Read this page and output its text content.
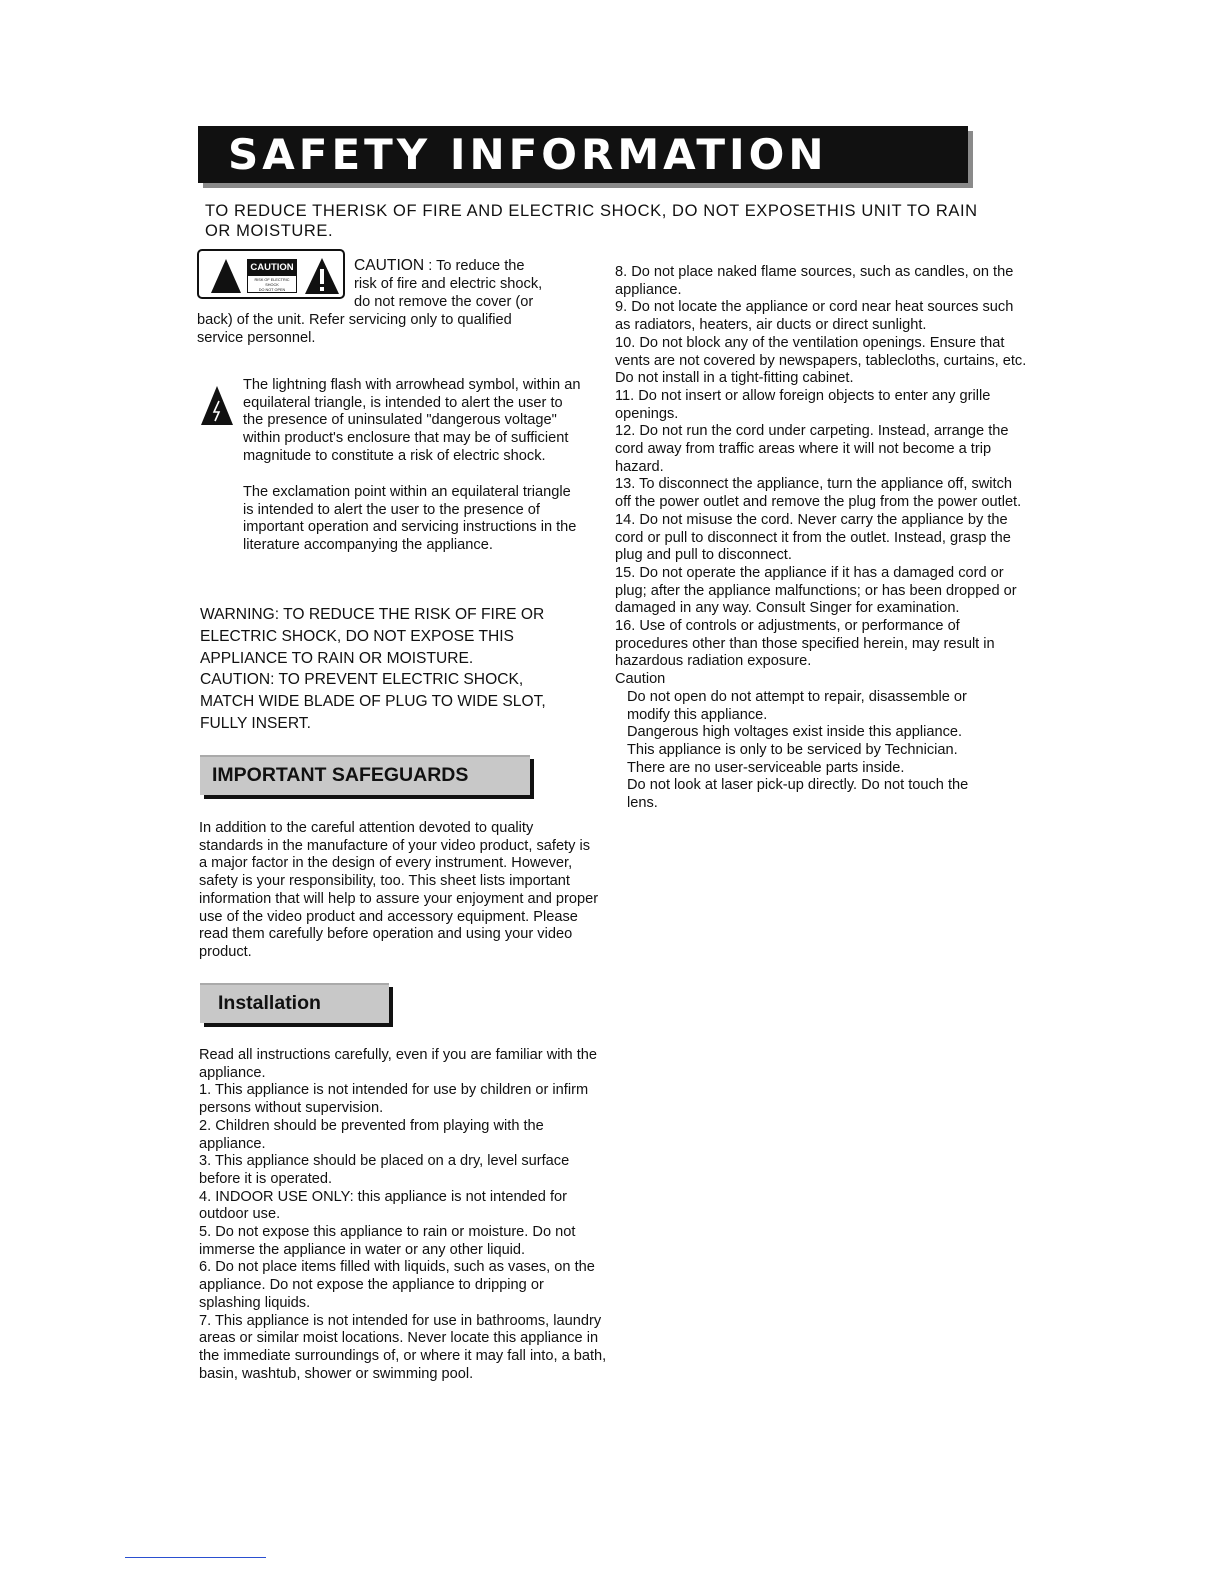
SAFETY INFORMATION
TO REDUCE THERISK OF FIRE AND ELECTRIC SHOCK, DO NOT EXPOSETHIS UNIT TO RAIN OR MOISTURE.
CAUTION
RISK OF ELECTRIC SHOCK
DO NOT OPEN
CAUTION : To reduce the
risk of fire and electric shock,
do not remove the cover (or
back) of the unit. Refer servicing only to qualified
service personnel.
The lightning flash with arrowhead symbol, within an equilateral triangle, is intended to alert the user to the presence of uninsulated "dangerous voltage" within product's enclosure that may be of sufficient magnitude to constitute a risk of electric shock.
The exclamation point within an equilateral triangle is intended to alert the user to the presence of important operation and servicing instructions in the literature accompanying the appliance.
WARNING: TO REDUCE THE RISK OF FIRE OR
ELECTRIC SHOCK, DO NOT EXPOSE THIS
APPLIANCE TO RAIN OR MOISTURE.
CAUTION: TO PREVENT ELECTRIC SHOCK,
MATCH WIDE BLADE OF PLUG TO WIDE SLOT,
FULLY INSERT.
IMPORTANT SAFEGUARDS
In addition to the careful attention devoted to quality standards in the manufacture of your video product, safety is a major factor in the design of every instrument. However, safety is your responsibility, too. This sheet lists important information that will help to assure your enjoyment and proper use of the video product and accessory equipment. Please read them carefully before operation and using your video product.
Installation

Read all instructions carefully, even if you are familiar with the appliance.

1. This appliance is not intended for use by children or infirm persons without supervision.

2. Children should be prevented from playing with the appliance.

3. This appliance should be placed on a dry, level surface before it is operated.

4. INDOOR USE ONLY: this appliance is not intended for outdoor use.

5. Do not expose this appliance to rain or moisture. Do not immerse the appliance in water or any other liquid.

6. Do not place items filled with liquids, such as vases, on the appliance. Do not expose the appliance to dripping or splashing liquids.

7. This appliance is not intended for use in bathrooms, laundry areas or similar moist locations. Never locate this appliance in the immediate surroundings of, or where it may fall into, a bath, basin, washtub, shower or swimming pool.

8. Do not place naked flame sources, such as candles, on the appliance.

9. Do not locate the appliance or cord near heat sources such as radiators, heaters, air ducts or direct sunlight.

10. Do not block any of the ventilation openings. Ensure that vents are not covered by newspapers, tablecloths, curtains, etc. Do not install in a tight-fitting cabinet.

11. Do not insert or allow foreign objects to enter any grille openings.

12. Do not run the cord under carpeting. Instead, arrange the cord away from traffic areas where it will not become a trip hazard.

13. To disconnect the appliance, turn the appliance off, switch off the power outlet and remove the plug from the power outlet.

14. Do not misuse the cord. Never carry the appliance by the cord or pull to disconnect it from the outlet. Instead, grasp the plug and pull to disconnect.

15. Do not operate the appliance if it has a damaged cord or plug; after the appliance malfunctions; or has been dropped or damaged in any way. Consult Singer for examination.

16. Use of controls or adjustments, or performance of procedures other than those specified herein, may result in hazardous radiation exposure.

Caution

Do not open do not attempt to repair, disassemble or modify this appliance.

Dangerous high voltages exist inside this appliance. This appliance is only to be serviced by Technician. There are no user-serviceable parts inside.

Do not look at laser pick-up directly. Do not touch the lens.
